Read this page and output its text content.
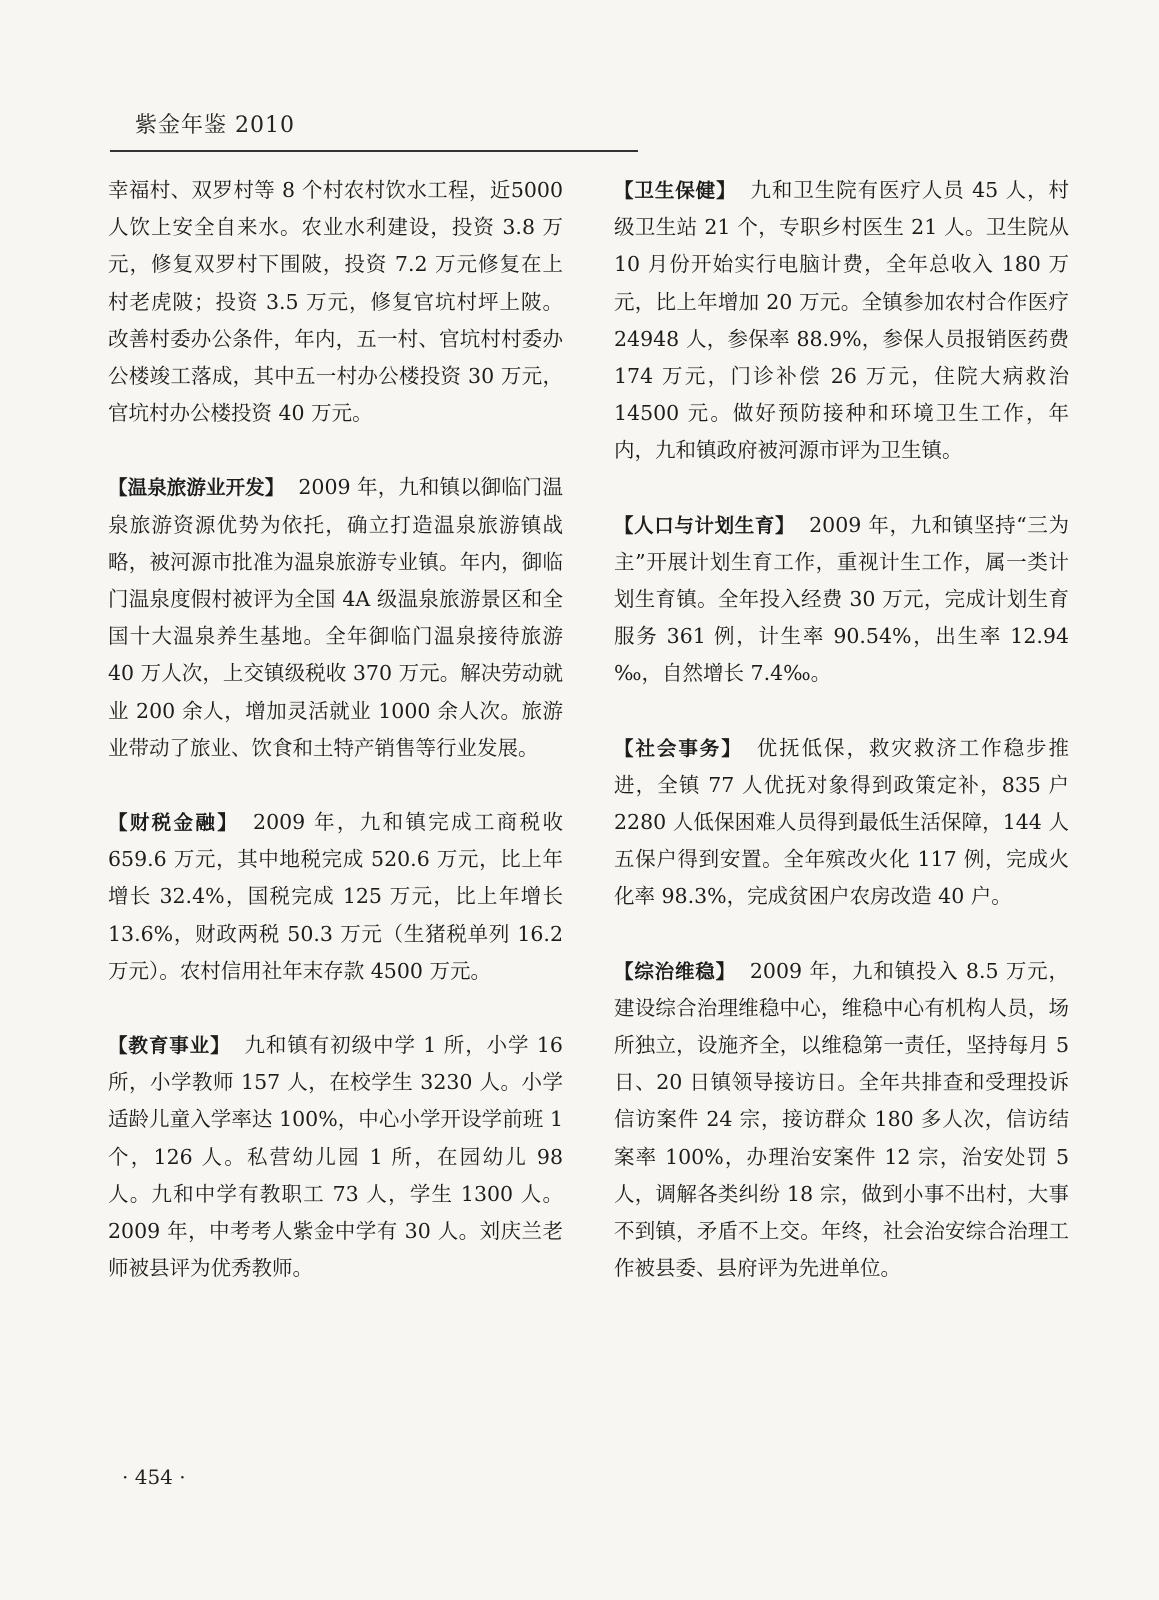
紫金年鉴 2010

幸福村、双罗村等 8 个村农村饮水工程，近5000 人饮上安全自来水。农业水利建设，投资 3.8 万元，修复双罗村下围陂，投资 7.2 万元修复在上村老虎陂；投资 3.5 万元，修复官坑村坪上陂。改善村委办公条件，年内，五一村、官坑村村委办公楼竣工落成，其中五一村办公楼投资 30 万元，官坑村办公楼投资 40 万元。

【温泉旅游业开发】 2009 年，九和镇以御临门温泉旅游资源优势为依托，确立打造温泉旅游镇战略，被河源市批准为温泉旅游专业镇。年内，御临门温泉度假村被评为全国 4A 级温泉旅游景区和全国十大温泉养生基地。全年御临门温泉接待旅游 40 万人次，上交镇级税收 370 万元。解决劳动就业 200 余人，增加灵活就业 1000 余人次。旅游业带动了旅业、饮食和土特产销售等行业发展。

【财税金融】 2009 年，九和镇完成工商税收 659.6 万元，其中地税完成 520.6 万元，比上年增长 32.4%，国税完成 125 万元，比上年增长 13.6%，财政两税 50.3 万元（生猪税单列 16.2 万元）。农村信用社年末存款 4500 万元。

【教育事业】 九和镇有初级中学 1 所，小学 16 所，小学教师 157 人，在校学生 3230 人。小学适龄儿童入学率达 100%，中心小学开设学前班 1 个，126 人。私营幼儿园 1 所，在园幼儿 98 人。九和中学有教职工 73 人，学生 1300 人。2009 年，中考考人紫金中学有 30 人。刘庆兰老师被县评为优秀教师。

【卫生保健】 九和卫生院有医疗人员 45 人，村级卫生站 21 个，专职乡村医生 21 人。卫生院从 10 月份开始实行电脑计费，全年总收入 180 万元，比上年增加 20 万元。全镇参加农村合作医疗 24948 人，参保率 88.9%，参保人员报销医药费 174 万元，门诊补偿 26 万元，住院大病救治 14500 元。做好预防接种和环境卫生工作，年内，九和镇政府被河源市评为卫生镇。

【人口与计划生育】 2009 年，九和镇坚持“三为主”开展计划生育工作，重视计生工作，属一类计划生育镇。全年投入经费 30 万元，完成计划生育服务 361 例，计生率 90.54%，出生率 12.94 ‰，自然增长 7.4‰。

【社会事务】 优抚低保，救灾救济工作稳步推进，全镇 77 人优抚对象得到政策定补，835 户 2280 人低保困难人员得到最低生活保障，144 人五保户得到安置。全年殡改火化 117 例，完成火化率 98.3%，完成贫困户农房改造 40 户。

【综治维稳】 2009 年，九和镇投入 8.5 万元，建设综合治理维稳中心，维稳中心有机构人员，场所独立，设施齐全，以维稳第一责任，坚持每月 5 日、20 日镇领导接访日。全年共排查和受理投诉信访案件 24 宗，接访群众 180 多人次，信访结案率 100%，办理治安案件 12 宗，治安处罚 5 人，调解各类纠纷 18 宗，做到小事不出村，大事不到镇，矛盾不上交。年终，社会治安综合治理工作被县委、县府评为先进单位。

· 454 ·
